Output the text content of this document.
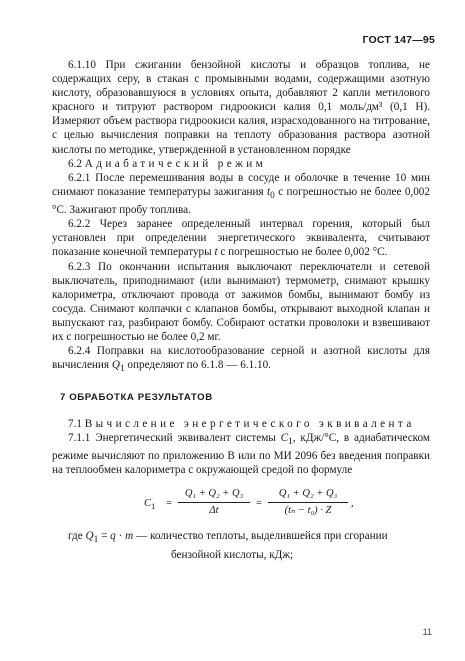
ГОСТ 147—95

6.1.10 При сжигании бензойной кислоты и образцов топлива, не содержащих серу, в стакан с промывными водами, содержащими азотную кислоту, образовавшуюся в условиях опыта, добавляют 2 капли метилового красного и титруют раствором гидроокиси калия 0,1 моль/дм³ (0,1 Н). Измеряют объем раствора гидроокиси калия, израсходованного на титрование, с целью вычисления поправки на теплоту образования раствора азотной кислоты по методике, утвержденной в установленном порядке

6.2 Адиабатический режим

6.2.1 После перемешивания воды в сосуде и оболочке в течение 10 мин снимают показание температуры зажигания $t_0$ с погрешностью не более 0,002 °С. Зажигают пробу топлива.

6.2.2 Через заранее определенный интервал горения, который был установлен при определении энергетического эквивалента, считывают показание конечной температуры t с погрешностью не более 0,002 °С.

6.2.3 По окончании испытания выключают переключатели и сетевой выключатель, приподнимают (или вынимают) термометр, снимают крышку калориметра, отключают провода от зажимов бомбы, вынимают бомбу из сосуда. Снимают колпачки с клапанов бомбы, открывают выходной клапан и выпускают газ, разбирают бомбу. Собирают остатки проволоки и взвешивают их с погрешностью не более 0,2 мг.

6.2.4 Поправки на кислотообразование серной и азотной кислоты для вычисления $Q_1$ определяют по 6.1.8 — 6.1.10.

7 ОБРАБОТКА РЕЗУЛЬТАТОВ

7.1 Вычисление энергетического эквивалента

7.1.1 Энергетический эквивалент системы $C_1$, кДж/°С, в адиабатическом режиме вычисляют по приложению В или по МИ 2096 без введения поправки на теплообмен калориметра с окружающей средой по формуле

$C_1 = \frac{\text{Q₁ + Q₂ + Q₃}}{\Delta t} = \frac{\text{Q₁ + Q₂ + Q₃}}{\text{(tₙ − t₀) · Z}}$ ,

где $Q_1 = q \cdot m$ — количество теплоты, выделившейся при сгорании

бензойной кислоты, кДж;

11
